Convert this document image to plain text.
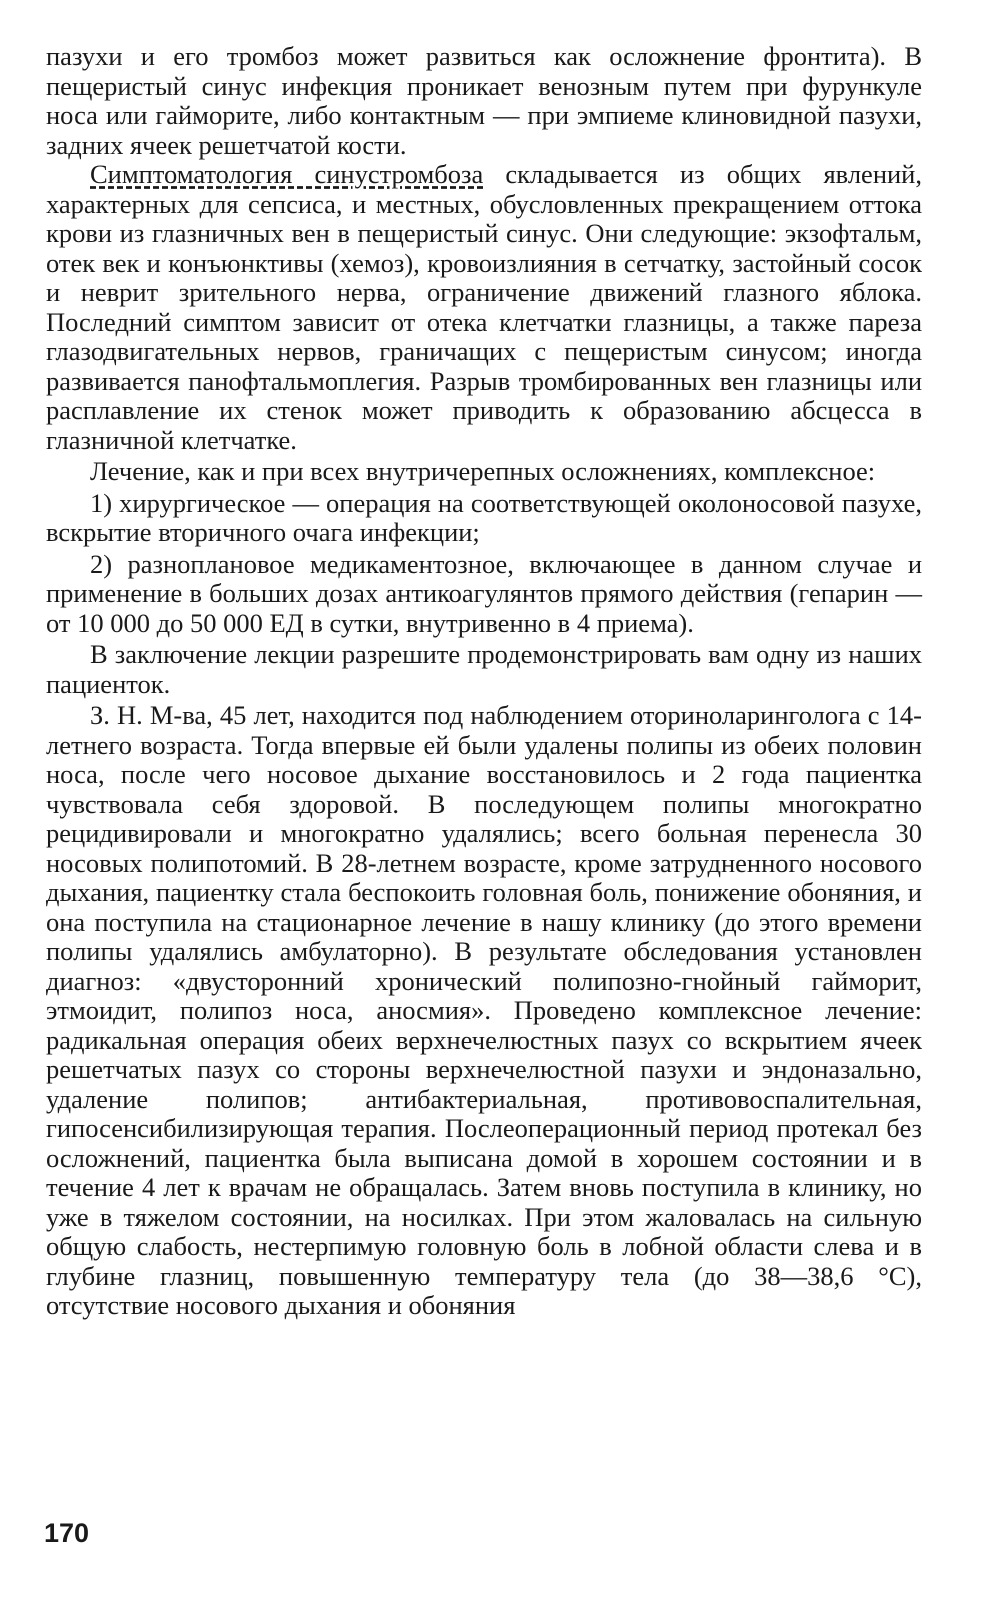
пазухи и его тромбоз может развиться как осложнение фронтита). В пещеристый синус инфекция проникает венозным путем при фурункуле носа или гайморите, либо контактным — при эмпиеме клиновидной пазухи, задних ячеек решетчатой кости.

Симптоматология синустромбоза складывается из общих явлений, характерных для сепсиса, и местных, обусловленных прекращением оттока крови из глазничных вен в пещеристый синус. Они следующие: экзофтальм, отек век и конъюнктивы (хемоз), кровоизлияния в сетчатку, застойный сосок и неврит зрительного нерва, ограничение движений глазного яблока. Последний симптом зависит от отека клетчатки глазницы, а также пареза глазодвигательных нервов, граничащих с пещеристым синусом; иногда развивается панофтальмоплегия. Разрыв тромбированных вен глазницы или расплавление их стенок может приводить к образованию абсцесса в глазничной клетчатке.

Лечение, как и при всех внутричерепных осложнениях, комплексное:

1) хирургическое — операция на соответствующей околоносовой пазухе, вскрытие вторичного очага инфекции;

2) разноплановое медикаментозное, включающее в данном случае и применение в больших дозах антикоагулянтов прямого действия (гепарин — от 10 000 до 50 000 ЕД в сутки, внутривенно в 4 приема).

В заключение лекции разрешите продемонстрировать вам одну из наших пациенток.

З. Н. М-ва, 45 лет, находится под наблюдением оториноларинголога с 14-летнего возраста. Тогда впервые ей были удалены полипы из обеих половин носа, после чего носовое дыхание восстановилось и 2 года пациентка чувствовала себя здоровой. В последующем полипы многократно рецидивировали и многократно удалялись; всего больная перенесла 30 носовых полипотомий. В 28-летнем возрасте, кроме затрудненного носового дыхания, пациентку стала беспокоить головная боль, понижение обоняния, и она поступила на стационарное лечение в нашу клинику (до этого времени полипы удалялись амбулаторно). В результате обследования установлен диагноз: «двусторонний хронический полипозно-гнойный гайморит, этмоидит, полипоз носа, аносмия». Проведено комплексное лечение: радикальная операция обеих верхнечелюстных пазух со вскрытием ячеек решетчатых пазух со стороны верхнечелюстной пазухи и эндоназально, удаление полипов; антибактериальная, противовоспалительная, гипосенсибилизирующая терапия. Послеоперационный период протекал без осложнений, пациентка была выписана домой в хорошем состоянии и в течение 4 лет к врачам не обращалась. Затем вновь поступила в клинику, но уже в тяжелом состоянии, на носилках. При этом жаловалась на сильную общую слабость, нестерпимую головную боль в лобной области слева и в глубине глазниц, повышенную температуру тела (до 38—38,6 °С), отсутствие носового дыхания и обоняния

170
